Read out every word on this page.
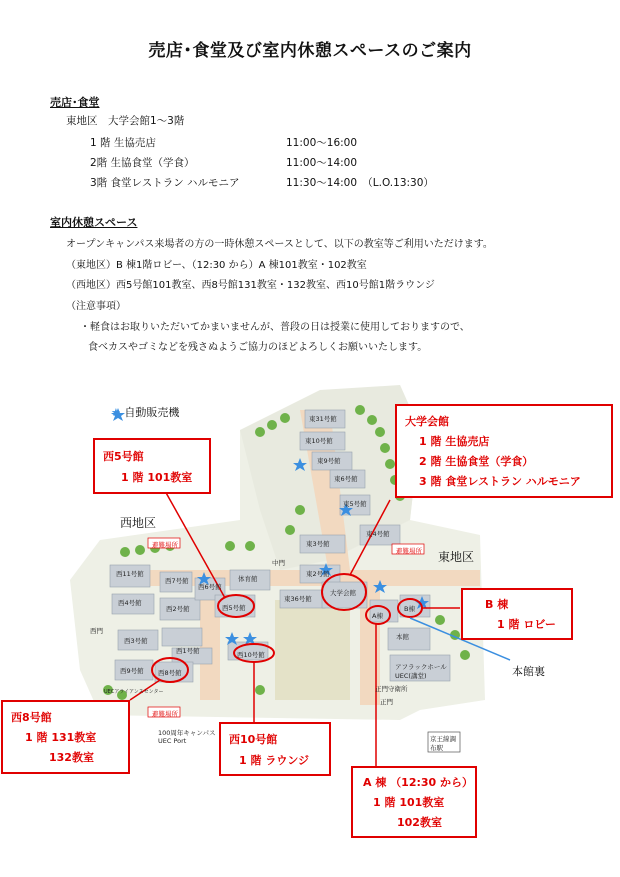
売店･食堂及び室内休憩スペースのご案内
売店･食堂
東地区　大学会館1～3階
1 階 生協売店	11:00～16:00
2階 生協食堂（学食）	11:00～14:00
3階 食堂レストラン ハルモニア	11:30～14:00　（L.O.13:30）
室内休憩スペース
オープンキャンパス来場者の方の一時休憩スペースとして、以下の教室等ご利用いただけます。
（東地区）B 棟1階ロビー、（12:30 から）A 棟101教室・102教室
（西地区）西5号館101教室、西8号館131教室・132教室、西10号館1階ラウンジ
（注意事項）
・軽食はお取りいただいてかまいませんが、普段の日は授業に使用しておりますので、
食べカスやゴミなどを残さぬようご協力のほどよろしくお願いいたします。
★ 自動販売機
西地区
東地区
本館裏
東31号館
東10号館
東9号館
東6号館
東5号館
東4号館
東3号館
東2号館
東36号館
大学会館
A棟
B棟
本館
西11号館
西7号館
西4号館
西6号館
体育館
西5号館
西2号館
西3号館
西1号館
西9号館 西8号館
西10号館
中門
正門
西門
避難場所
避難場所
アフラックホールUEC(講堂)
正門守衛所
UECアライアンスセンター
避難場所
100周年キャンパスUEC Port	京王線調布駅
西5号館
1 階 101教室
大学会館
1 階 生協売店
2 階 生協食堂（学食）
3 階 食堂レストラン ハルモニア
B 棟
1 階 ロビー
西8号館
1 階 131教室
132教室
西10号館
1 階 ラウンジ
A 棟 （12:30 から）
1 階 101教室
102教室
